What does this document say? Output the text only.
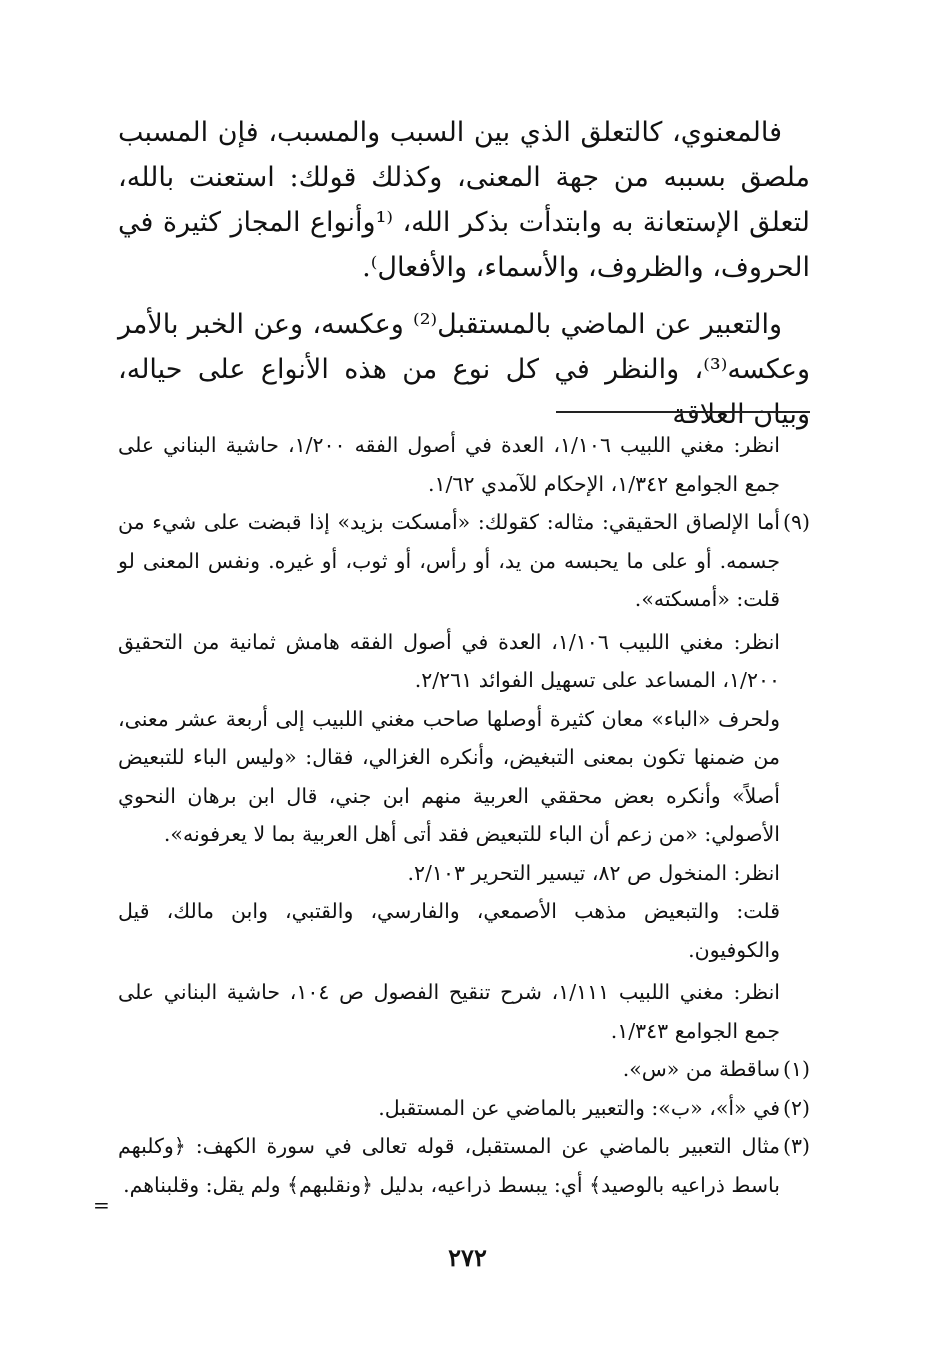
فالمعنوي، كالتعلق الذي بين السبب والمسبب، فإن المسبب ملصق بسببه من جهة المعنى، وكذلك قولك: استعنت بالله، لتعلق الإستعانة به وابتدأت بذكر الله، ⁽¹وأنواع المجاز كثيرة في الحروف، والظروف، والأسماء، والأفعال⁾.

والتعبير عن الماضي بالمستقبل⁽²⁾ وعكسه، وعن الخبر بالأمر وعكسه⁽³⁾، والنظر في كل نوع من هذه الأنواع على حياله، وبيان العلاقة

انظر: مغني اللبيب ١/١٠٦، العدة في أصول الفقه ١/٢٠٠، حاشية البناني على جمع الجوامع ١/٣٤٢، الإحكام للآمدي ١/٦٢.

(٩)أما الإلصاق الحقيقي: مثاله: كقولك: «أمسكت بزيد» إذا قبضت على شيء من جسمه. أو على ما يحبسه من يد، أو رأس، أو ثوب، أو غيره. ونفس المعنى لو قلت: «أمسكته».

انظر: مغني اللبيب ١/١٠٦، العدة في أصول الفقه هامش ثمانية من التحقيق ١/٢٠٠، المساعد على تسهيل الفوائد ٢/٢٦١.

ولحرف «الباء» معان كثيرة أوصلها صاحب مغني اللبيب إلى أربعة عشر معنى، من ضمنها تكون بمعنى التبغيض، وأنكره الغزالي، فقال: «وليس الباء للتبعيض أصلاً» وأنكره بعض محققي العربية منهم ابن جني، قال ابن برهان النحوي الأصولي: «من زعم أن الباء للتبعيض فقد أتى أهل العربية بما لا يعرفونه».

انظر: المنخول ص ٨٢، تيسير التحرير ٢/١٠٣.

قلت: والتبعيض مذهب الأصمعي، والفارسي، والقتبي، وابن مالك، قيل والكوفيون.

انظر: مغني اللبيب ١/١١١، شرح تنقيح الفصول ص ١٠٤، حاشية البناني على جمع الجوامع ١/٣٤٣.

(١)ساقطة من «س».

(٢)في «أ»، «ب»: والتعبير بالماضي عن المستقبل.

(٣)مثال التعبير بالماضي عن المستقبل، قوله تعالى في سورة الكهف: ﴿وكلبهم باسط ذراعيه بالوصيد﴾ أي: يبسط ذراعيه، بدليل ﴿ونقلبهم﴾ ولم يقل: وقلبناهم.

=
٢٧٢
